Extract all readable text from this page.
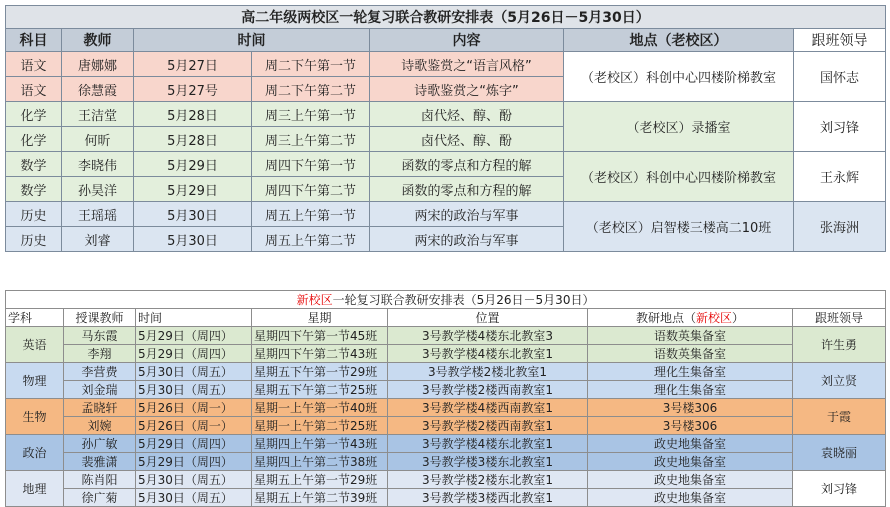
高二年级两校区一轮复习联合教研安排表（5月26日－5月30日）						
科目	教师	时间		内容	地点（老校区）	跟班领导
语文	唐娜娜	5月27日	周二下午第一节	诗歌鉴赏之“语言风格”	（老校区）科创中心四楼阶梯教室	国怀志
语文	徐慧霞	5月27号	周二下午第二节	诗歌鉴赏之“炼字”		
化学	王洁堂	5月28日	周三上午第一节	卤代烃、醇、酚	（老校区）录播室	刘习锋
化学	何昕	5月28日	周三上午第二节	卤代烃、醇、酚		
数学	李晓伟	5月29日	周四下午第一节	函数的零点和方程的解	（老校区）科创中心四楼阶梯教室	王永辉
数学	孙昊洋	5月29日	周四下午第二节	函数的零点和方程的解		
历史	王瑶瑶	5月30日	周五上午第一节	两宋的政治与军事	（老校区）启智楼三楼高二10班	张海洲
历史	刘睿	5月30日	周五上午第二节	两宋的政治与军事		
新校区一轮复习联合教研安排表（5月26日－5月30日）						
学科	授课教师	时间	星期	位置	教研地点（新校区）	跟班领导
英语	马东霞	5月29日（周四）	星期四下午第一节45班	3号教学楼4楼东北教室3	语数英集备室	许生勇
	李翔	5月29日（周四）	星期四下午第二节43班	3号教学楼4楼东北教室1	语数英集备室	
物理	李营费	5月30日（周五）	星期五下午第一节29班	3号教学楼2楼北教室1	理化生集备室	刘立贤
	刘金瑞	5月30日（周五）	星期五下午第二节25班	3号教学楼2楼西南教室1	理化生集备室	
生物	孟晓轩	5月26日（周一）	星期一上午第一节40班	3号教学楼4楼西南教室1	3号楼306	于霞
	刘婉	5月26日（周一）	星期一上午第二节25班	3号教学楼2楼西南教室1	3号楼306	
政治	孙广敏	5月29日（周四）	星期四上午第一节43班	3号教学楼4楼东北教室1	政史地集备室	袁晓丽
	裴雅潇	5月29日（周四）	星期四上午第二节38班	3号教学楼3楼东北教室1	政史地集备室	
地理	陈肖阳	5月30日（周五）	星期五上午第一节29班	3号教学楼2楼东北教室1	政史地集备室	刘习锋
	徐广菊	5月30日（周五）	星期五上午第二节39班	3号教学楼3楼西北教室1	政史地集备室	
